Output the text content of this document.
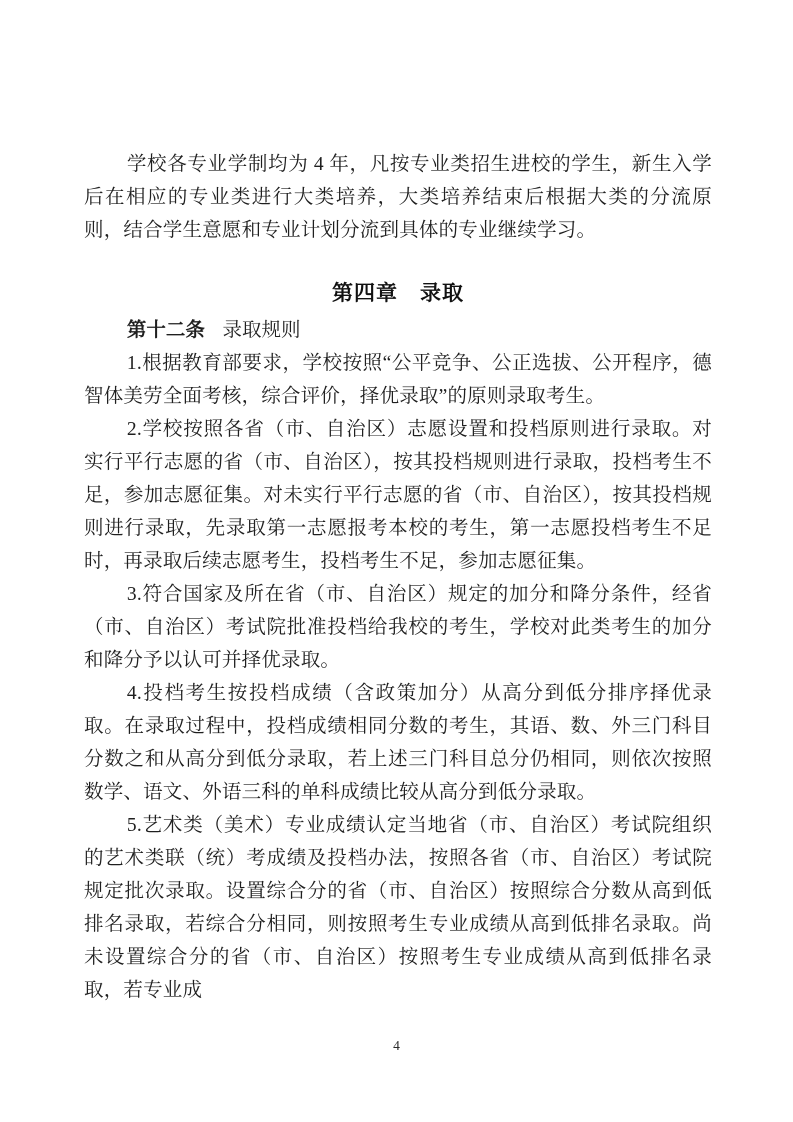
学校各专业学制均为 4 年，凡按专业类招生进校的学生，新生入学后在相应的专业类进行大类培养，大类培养结束后根据大类的分流原则，结合学生意愿和专业计划分流到具体的专业继续学习。

第四章　录取

第十二条 录取规则

1.根据教育部要求，学校按照“公平竞争、公正选拔、公开程序，德智体美劳全面考核，综合评价，择优录取”的原则录取考生。

2.学校按照各省（市、自治区）志愿设置和投档原则进行录取。对实行平行志愿的省（市、自治区），按其投档规则进行录取，投档考生不足，参加志愿征集。对未实行平行志愿的省（市、自治区），按其投档规则进行录取，先录取第一志愿报考本校的考生，第一志愿投档考生不足时，再录取后续志愿考生，投档考生不足，参加志愿征集。

3.符合国家及所在省（市、自治区）规定的加分和降分条件，经省（市、自治区）考试院批准投档给我校的考生，学校对此类考生的加分和降分予以认可并择优录取。

4.投档考生按投档成绩（含政策加分）从高分到低分排序择优录取。在录取过程中，投档成绩相同分数的考生，其语、数、外三门科目分数之和从高分到低分录取，若上述三门科目总分仍相同，则依次按照数学、语文、外语三科的单科成绩比较从高分到低分录取。

5.艺术类（美术）专业成绩认定当地省（市、自治区）考试院组织的艺术类联（统）考成绩及投档办法，按照各省（市、自治区）考试院规定批次录取。设置综合分的省（市、自治区）按照综合分数从高到低排名录取，若综合分相同，则按照考生专业成绩从高到低排名录取。尚未设置综合分的省（市、自治区）按照考生专业成绩从高到低排名录取，若专业成

4
